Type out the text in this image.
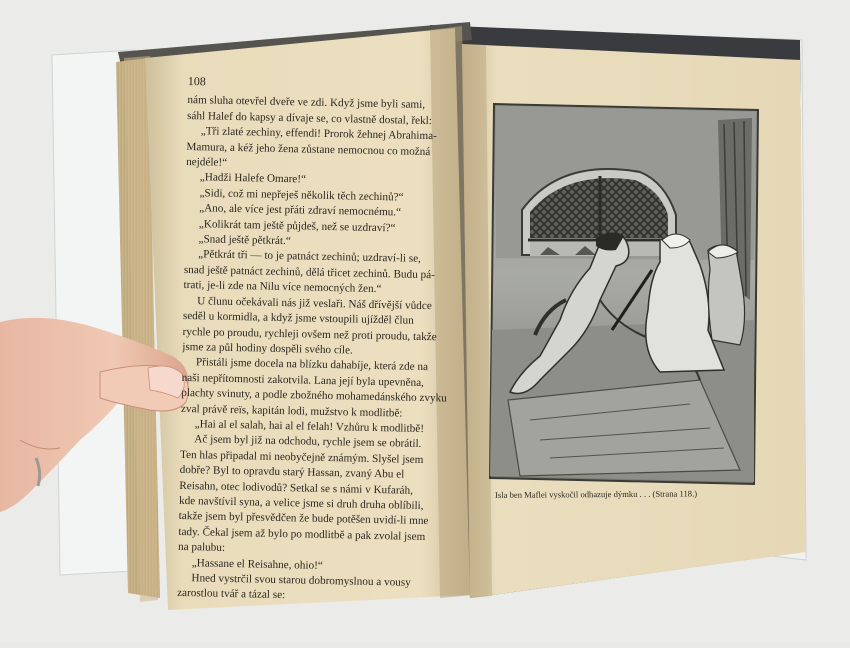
108
nám sluha otevřel dveře ve zdi. Když jsme byli sami,
sáhl Halef do kapsy a dívaje se, co vlastně dostal, řekl:
„Tři zlaté zechiny, effendi! Prorok žehnej Abrahima-
Mamura, a kéž jeho žena zůstane nemocnou co možná
nejdéle!“
„Hadži Halefe Omare!“
„Sidi, což mi nepřeješ několik těch zechinů?“
„Ano, ale více jest přáti zdraví nemocnému.“
„Kolikrát tam ještě půjdeš, než se uzdraví?“
„Snad ještě pětkrát.“
„Pětkrát tři — to je patnáct zechinů; uzdraví-li se,
snad ještě patnáct zechinů, dělá třicet zechinů. Budu pá-
trati, je-li zde na Nilu více nemocných žen.“
U člunu očekávali nás již veslaři. Náš dřívější vůdce
seděl u kormidla, a když jsme vstoupili ujížděl člun
rychle po proudu, rychleji ovšem než proti proudu, takže
jsme za půl hodiny dospěli svého cíle.
Přistáli jsme docela na blízku dahabíje, která zde na
naši nepřítomnosti zakotvila. Lana její byla upevněna,
plachty svinuty, a podle zbožného mohamedánského zvyku
zval právě reïs, kapitán lodi, mužstvo k modlitbě:
„Hai al el salah, hai al el felah! Vzhůru k modlitbě!
Ač jsem byl již na odchodu, rychle jsem se obrátil.
Ten hlas připadal mi neobyčejně známým. Slyšel jsem
dobře? Byl to opravdu starý Hassan, zvaný Abu el
Reisahn, otec lodivodů? Setkal se s námi v Kufaráh,
kde navštívil syna, a velice jsme si druh druha oblíbili,
takže jsem byl přesvědčen že bude potěšen uvidí-li mne
tady. Čekal jsem až bylo po modlitbě a pak zvolal jsem
na palubu:
„Hassane el Reisahne, ohio!“
Hned vystrčil svou starou dobromyslnou a vousy
zarostlou tvář a tázal se:
Isla ben Maflei vyskočil odhazuje dýmku . . . (Strana 118.)
